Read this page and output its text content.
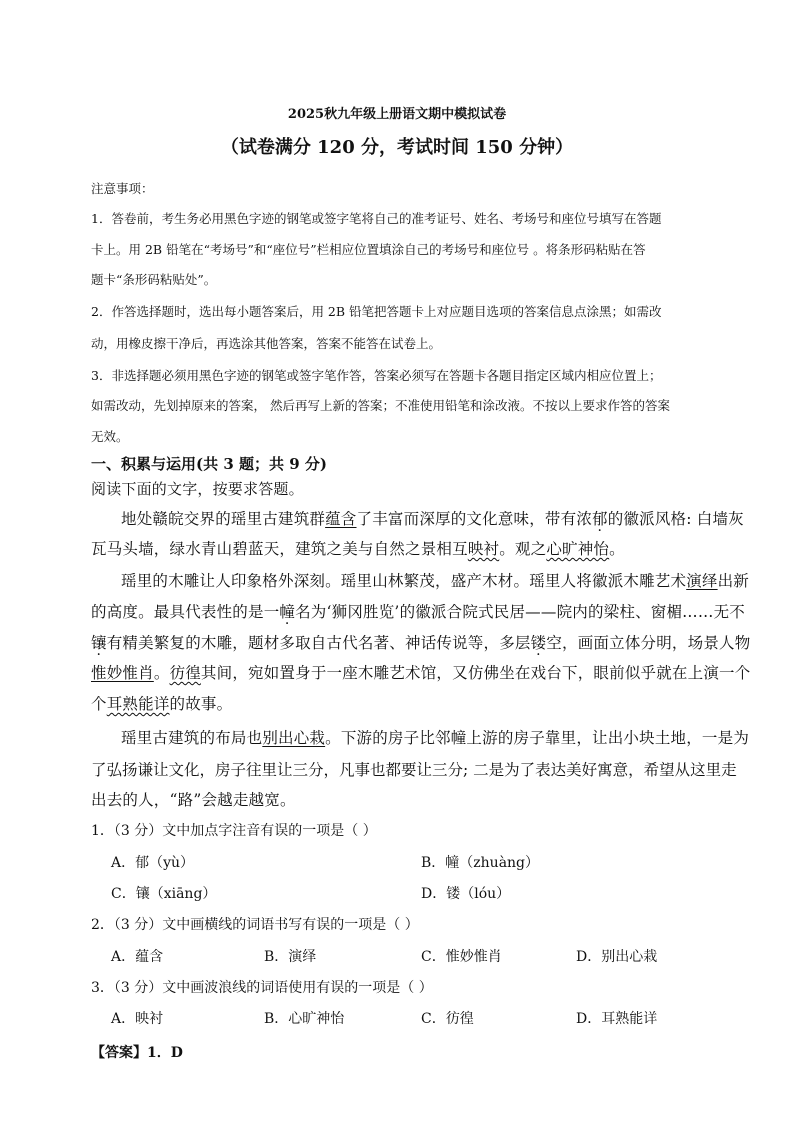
2025秋九年级上册语文期中模拟试卷
（试卷满分 120 分，考试时间 150 分钟）
注意事项：
1．答卷前，考生务必用黑色字迹的钢笔或签字笔将自己的准考证号、姓名、考场号和座位号填写在答题
卡上。用 2B 铅笔在“考场号”和“座位号”栏相应位置填涂自己的考场号和座位号 。将条形码粘贴在答
题卡“条形码粘贴处”。
2．作答选择题时，选出每小题答案后，用 2B 铅笔把答题卡上对应题目选项的答案信息点涂黑；如需改
动，用橡皮擦干净后，再选涂其他答案，答案不能答在试卷上。
3．非选择题必须用黑色字迹的钢笔或签字笔作答，答案必须写在答题卡各题目指定区域内相应位置上；
如需改动，先划掉原来的答案， 然后再写上新的答案；不准使用铅笔和涂改液。不按以上要求作答的答案
无效。
一、积累与运用(共 3 题；共 9 分)
阅读下面的文字，按要求答题。
地处赣皖交界的瑶里古建筑群蕴含了丰富而深厚的文化意味，带有浓郁的徽派风格: 白墙灰
瓦马头墙，绿水青山碧蓝天，建筑之美与自然之景相互映衬。观之心旷神怡。
瑶里的木雕让人印象格外深刻。瑶里山林繁茂，盛产木材。瑶里人将徽派木雕艺术演绎出新
的高度。最具代表性的是一幢名为‘狮冈胜览’的徽派合院式民居——院内的梁柱、窗楣……无不
镶有精美繁复的木雕，题材多取自古代名著、神话传说等，多层镂空，画面立体分明，场景人物
惟妙惟肖。彷徨其间，宛如置身于一座木雕艺术馆，又仿佛坐在戏台下，眼前似乎就在上演一个
个耳熟能详的故事。
瑶里古建筑的布局也别出心栽。下游的房子比邻幢上游的房子靠里，让出小块土地，一是为
了弘扬谦让文化，房子往里让三分，凡事也都要让三分; 二是为了表达美好寓意，希望从这里走
出去的人，“路”会越走越宽。
1．（3 分）文中加点字注音有误的一项是（ ）
A．郁（yù）	B．幢（zhuàng）
C．镶（xiāng）	D．镂（lóu）
2．（3 分）文中画横线的词语书写有误的一项是（ ）
A．蕴含	B．演绎	C．惟妙惟肖	D．别出心栽
3．（3 分）文中画波浪线的词语使用有误的一项是（ ）
A．映衬	B．心旷神怡	C．彷徨	D．耳熟能详
【答案】1．D
